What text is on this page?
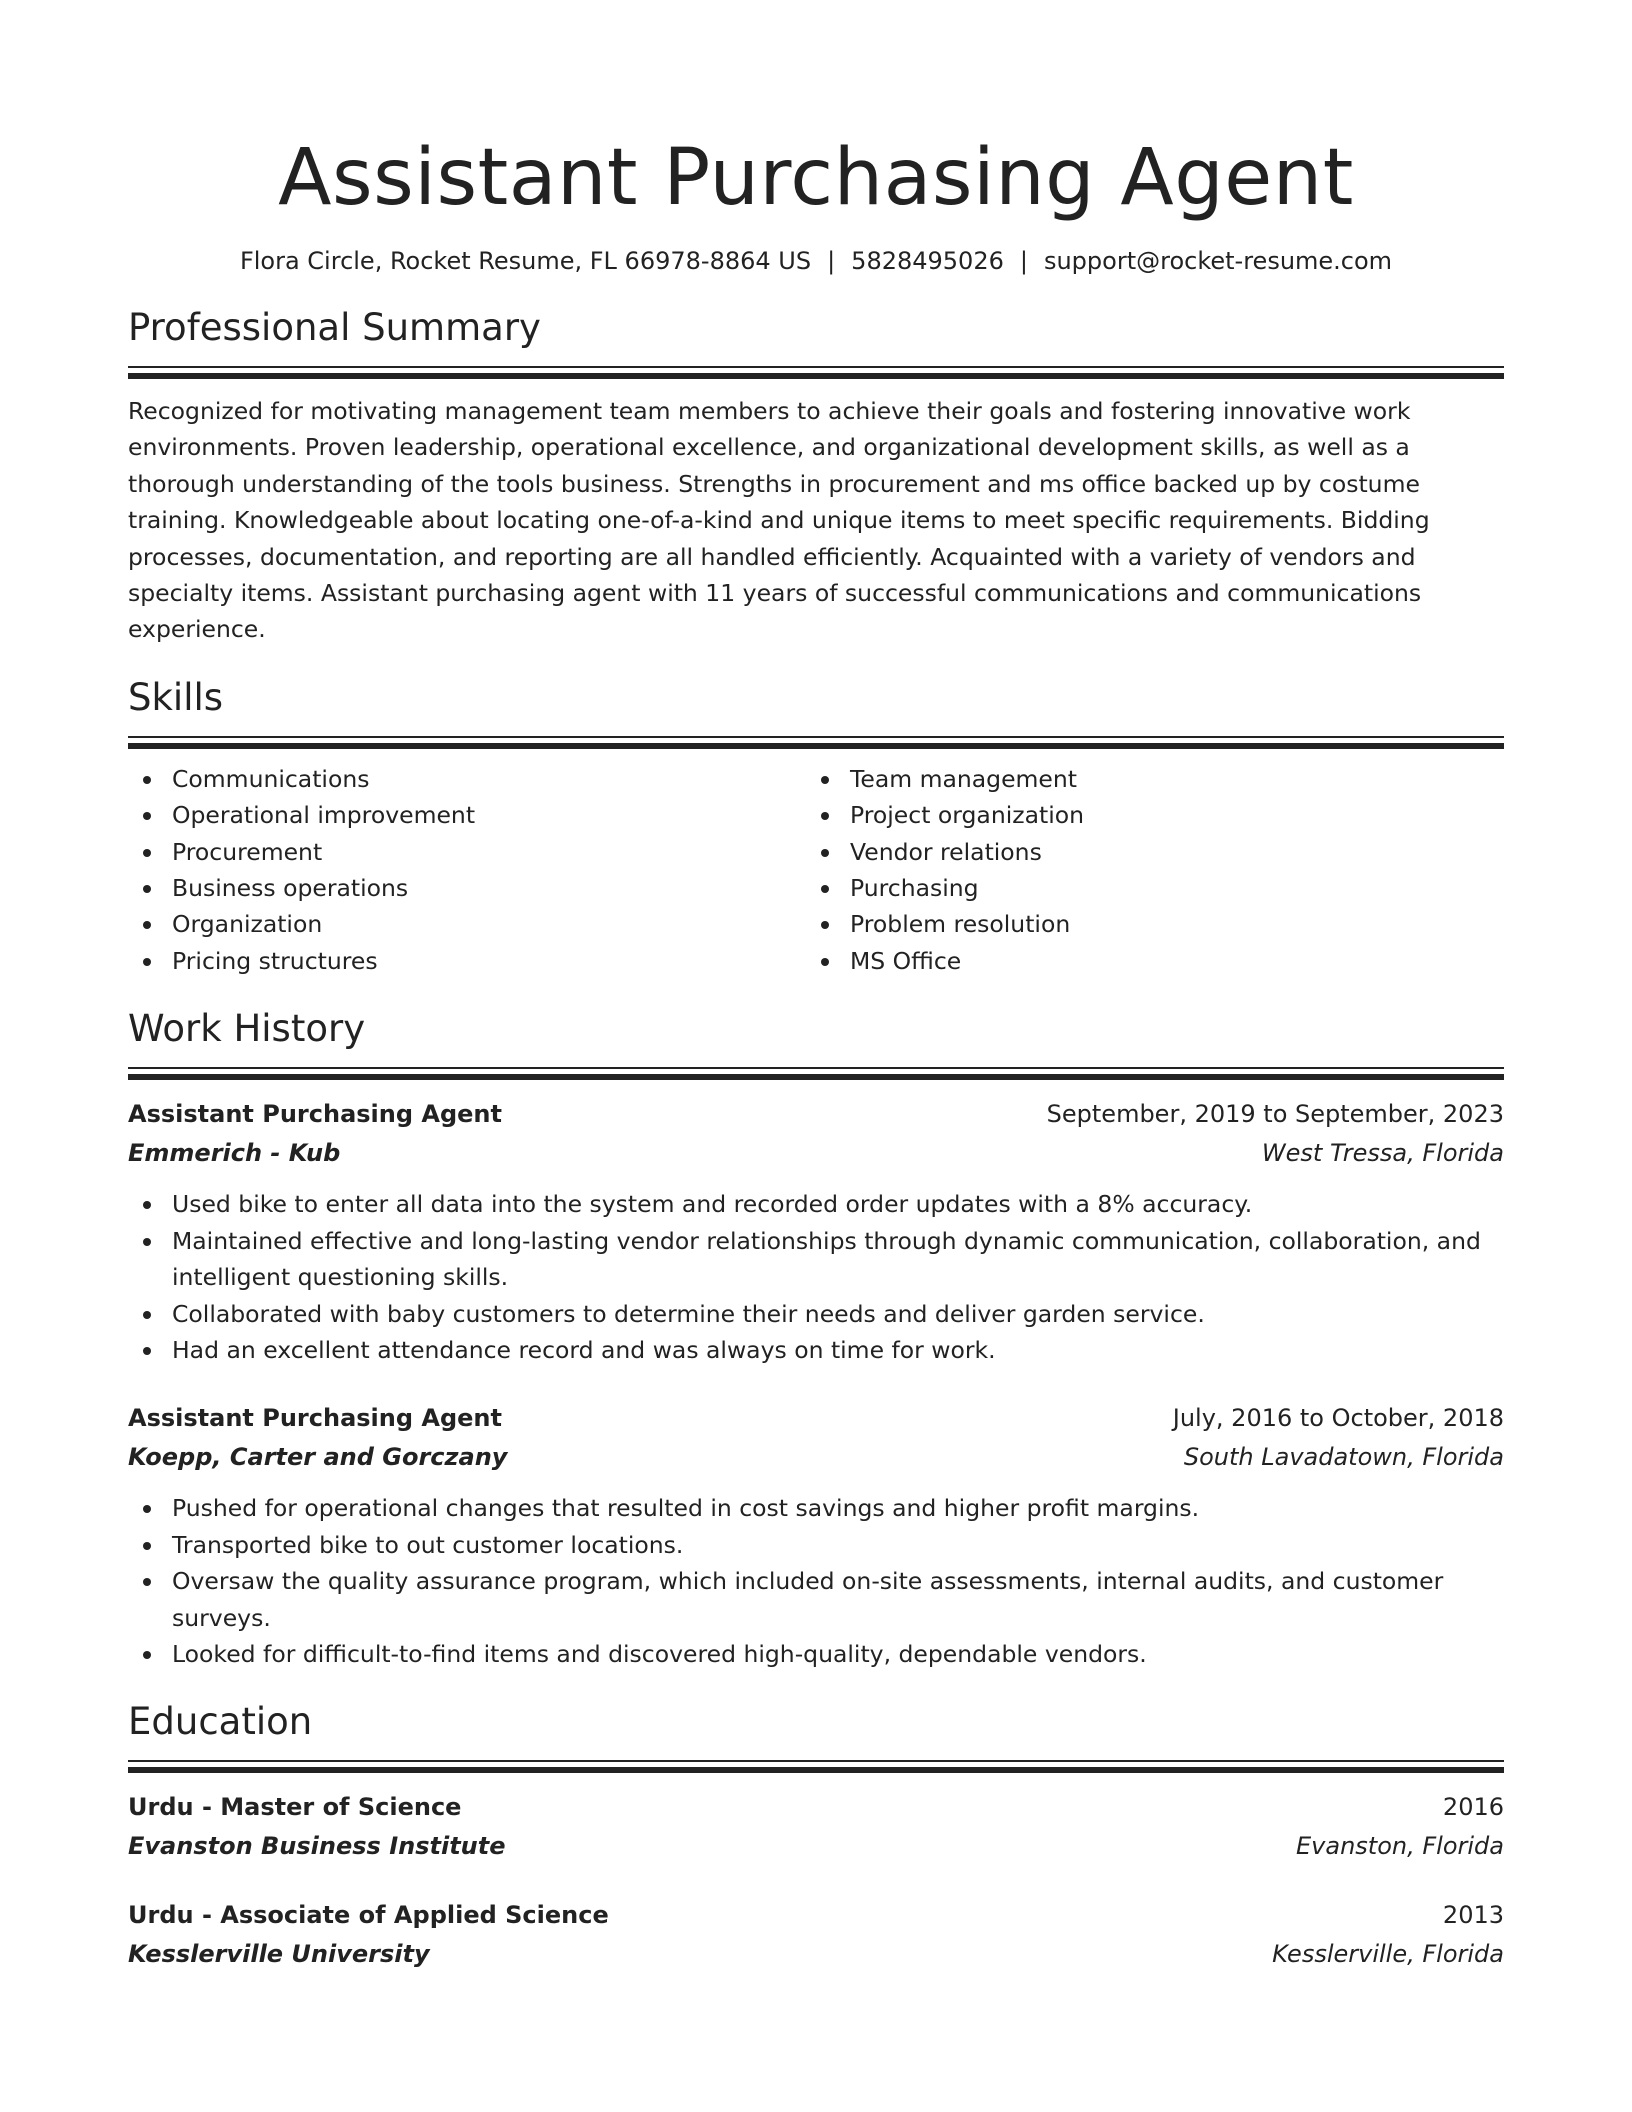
Assistant Purchasing Agent
Flora Circle, Rocket Resume, FL 66978-8864 US | 5828495026 | support@rocket-resume.com
Professional Summary
Recognized for motivating management team members to achieve their goals and fostering innovative work environments. Proven leadership, operational excellence, and organizational development skills, as well as a thorough understanding of the tools business. Strengths in procurement and ms office backed up by costume training. Knowledgeable about locating one-of-a-kind and unique items to meet specific requirements. Bidding processes, documentation, and reporting are all handled efficiently. Acquainted with a variety of vendors and specialty items. Assistant purchasing agent with 11 years of successful communications and communications experience.
Skills
Communications
Operational improvement
Procurement
Business operations
Organization
Pricing structures
Team management
Project organization
Vendor relations
Purchasing
Problem resolution
MS Office
Work History
Assistant Purchasing Agent	September, 2019 to September, 2023
Emmerich - Kub	West Tressa, Florida
Used bike to enter all data into the system and recorded order updates with a 8% accuracy.
Maintained effective and long-lasting vendor relationships through dynamic communication, collaboration, and intelligent questioning skills.
Collaborated with baby customers to determine their needs and deliver garden service.
Had an excellent attendance record and was always on time for work.
Assistant Purchasing Agent	July, 2016 to October, 2018
Koepp, Carter and Gorczany	South Lavadatown, Florida
Pushed for operational changes that resulted in cost savings and higher profit margins.
Transported bike to out customer locations.
Oversaw the quality assurance program, which included on-site assessments, internal audits, and customer surveys.
Looked for difficult-to-find items and discovered high-quality, dependable vendors.
Education
Urdu - Master of Science	2016
Evanston Business Institute	Evanston, Florida
Urdu - Associate of Applied Science	2013
Kesslerville University	Kesslerville, Florida
